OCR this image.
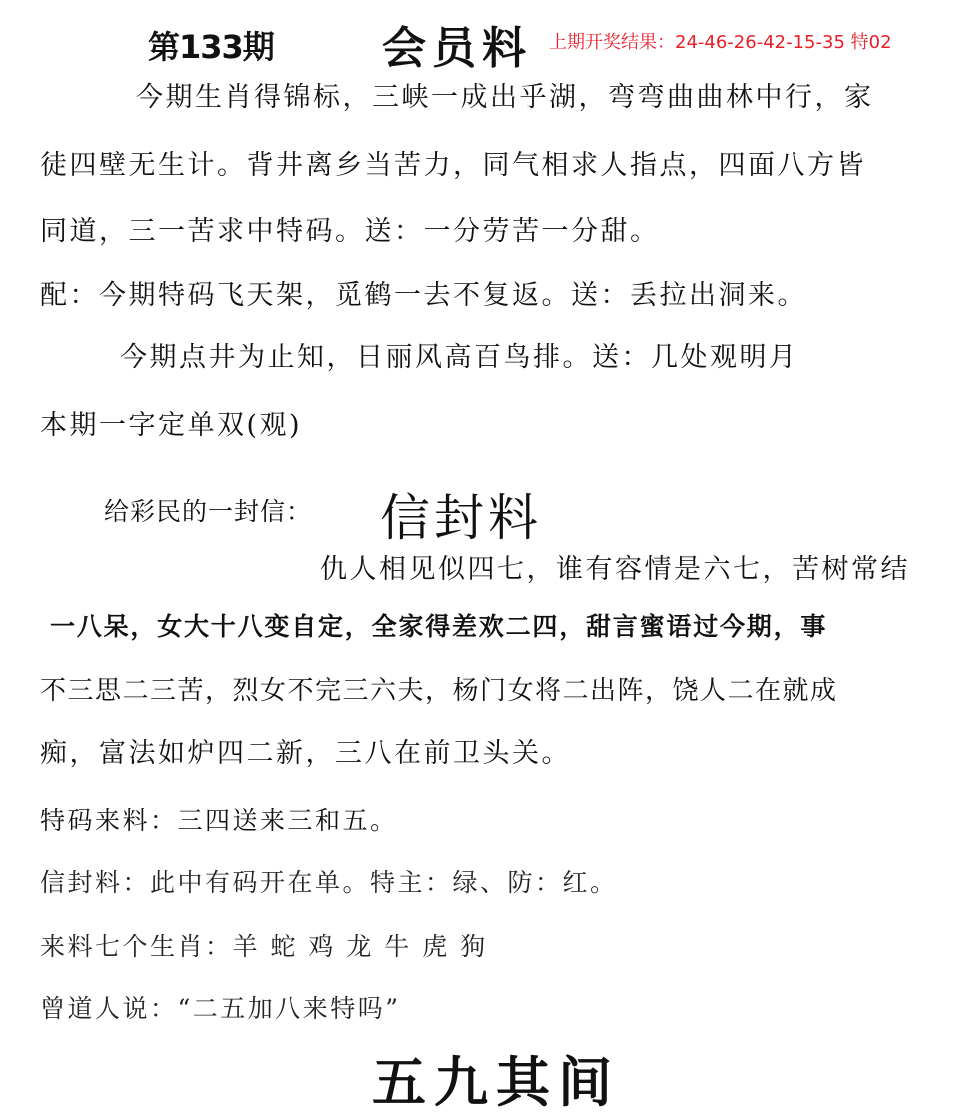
第133期 会员料 上期开奖结果：24-46-26-42-15-35 特02
今期生肖得锦标，三峡一成出乎湖，弯弯曲曲林中行，家
徒四壁无生计。背井离乡当苦力，同气相求人指点，四面八方皆
同道，三一苦求中特码。送：一分劳苦一分甜。
配：今期特码飞天架，觅鹤一去不复返。送：丢拉出洞来。
今期点井为止知，日丽风高百鸟排。送：几处观明月
本期一字定单双(观)
给彩民的一封信： 信封料
仇人相见似四七，谁有容情是六七，苦树常结
一八呆，女大十八变自定，全家得差欢二四，甜言蜜语过今期，事
不三思二三苦，烈女不完三六夫，杨门女将二出阵，饶人二在就成
痴，富法如炉四二新，三八在前卫头关。
特码来料：三四送来三和五。
信封料：此中有码开在单。特主：绿、防：红。
来料七个生肖：羊 蛇 鸡 龙 牛 虎 狗
曾道人说：“二五加八来特吗”
五九其间
